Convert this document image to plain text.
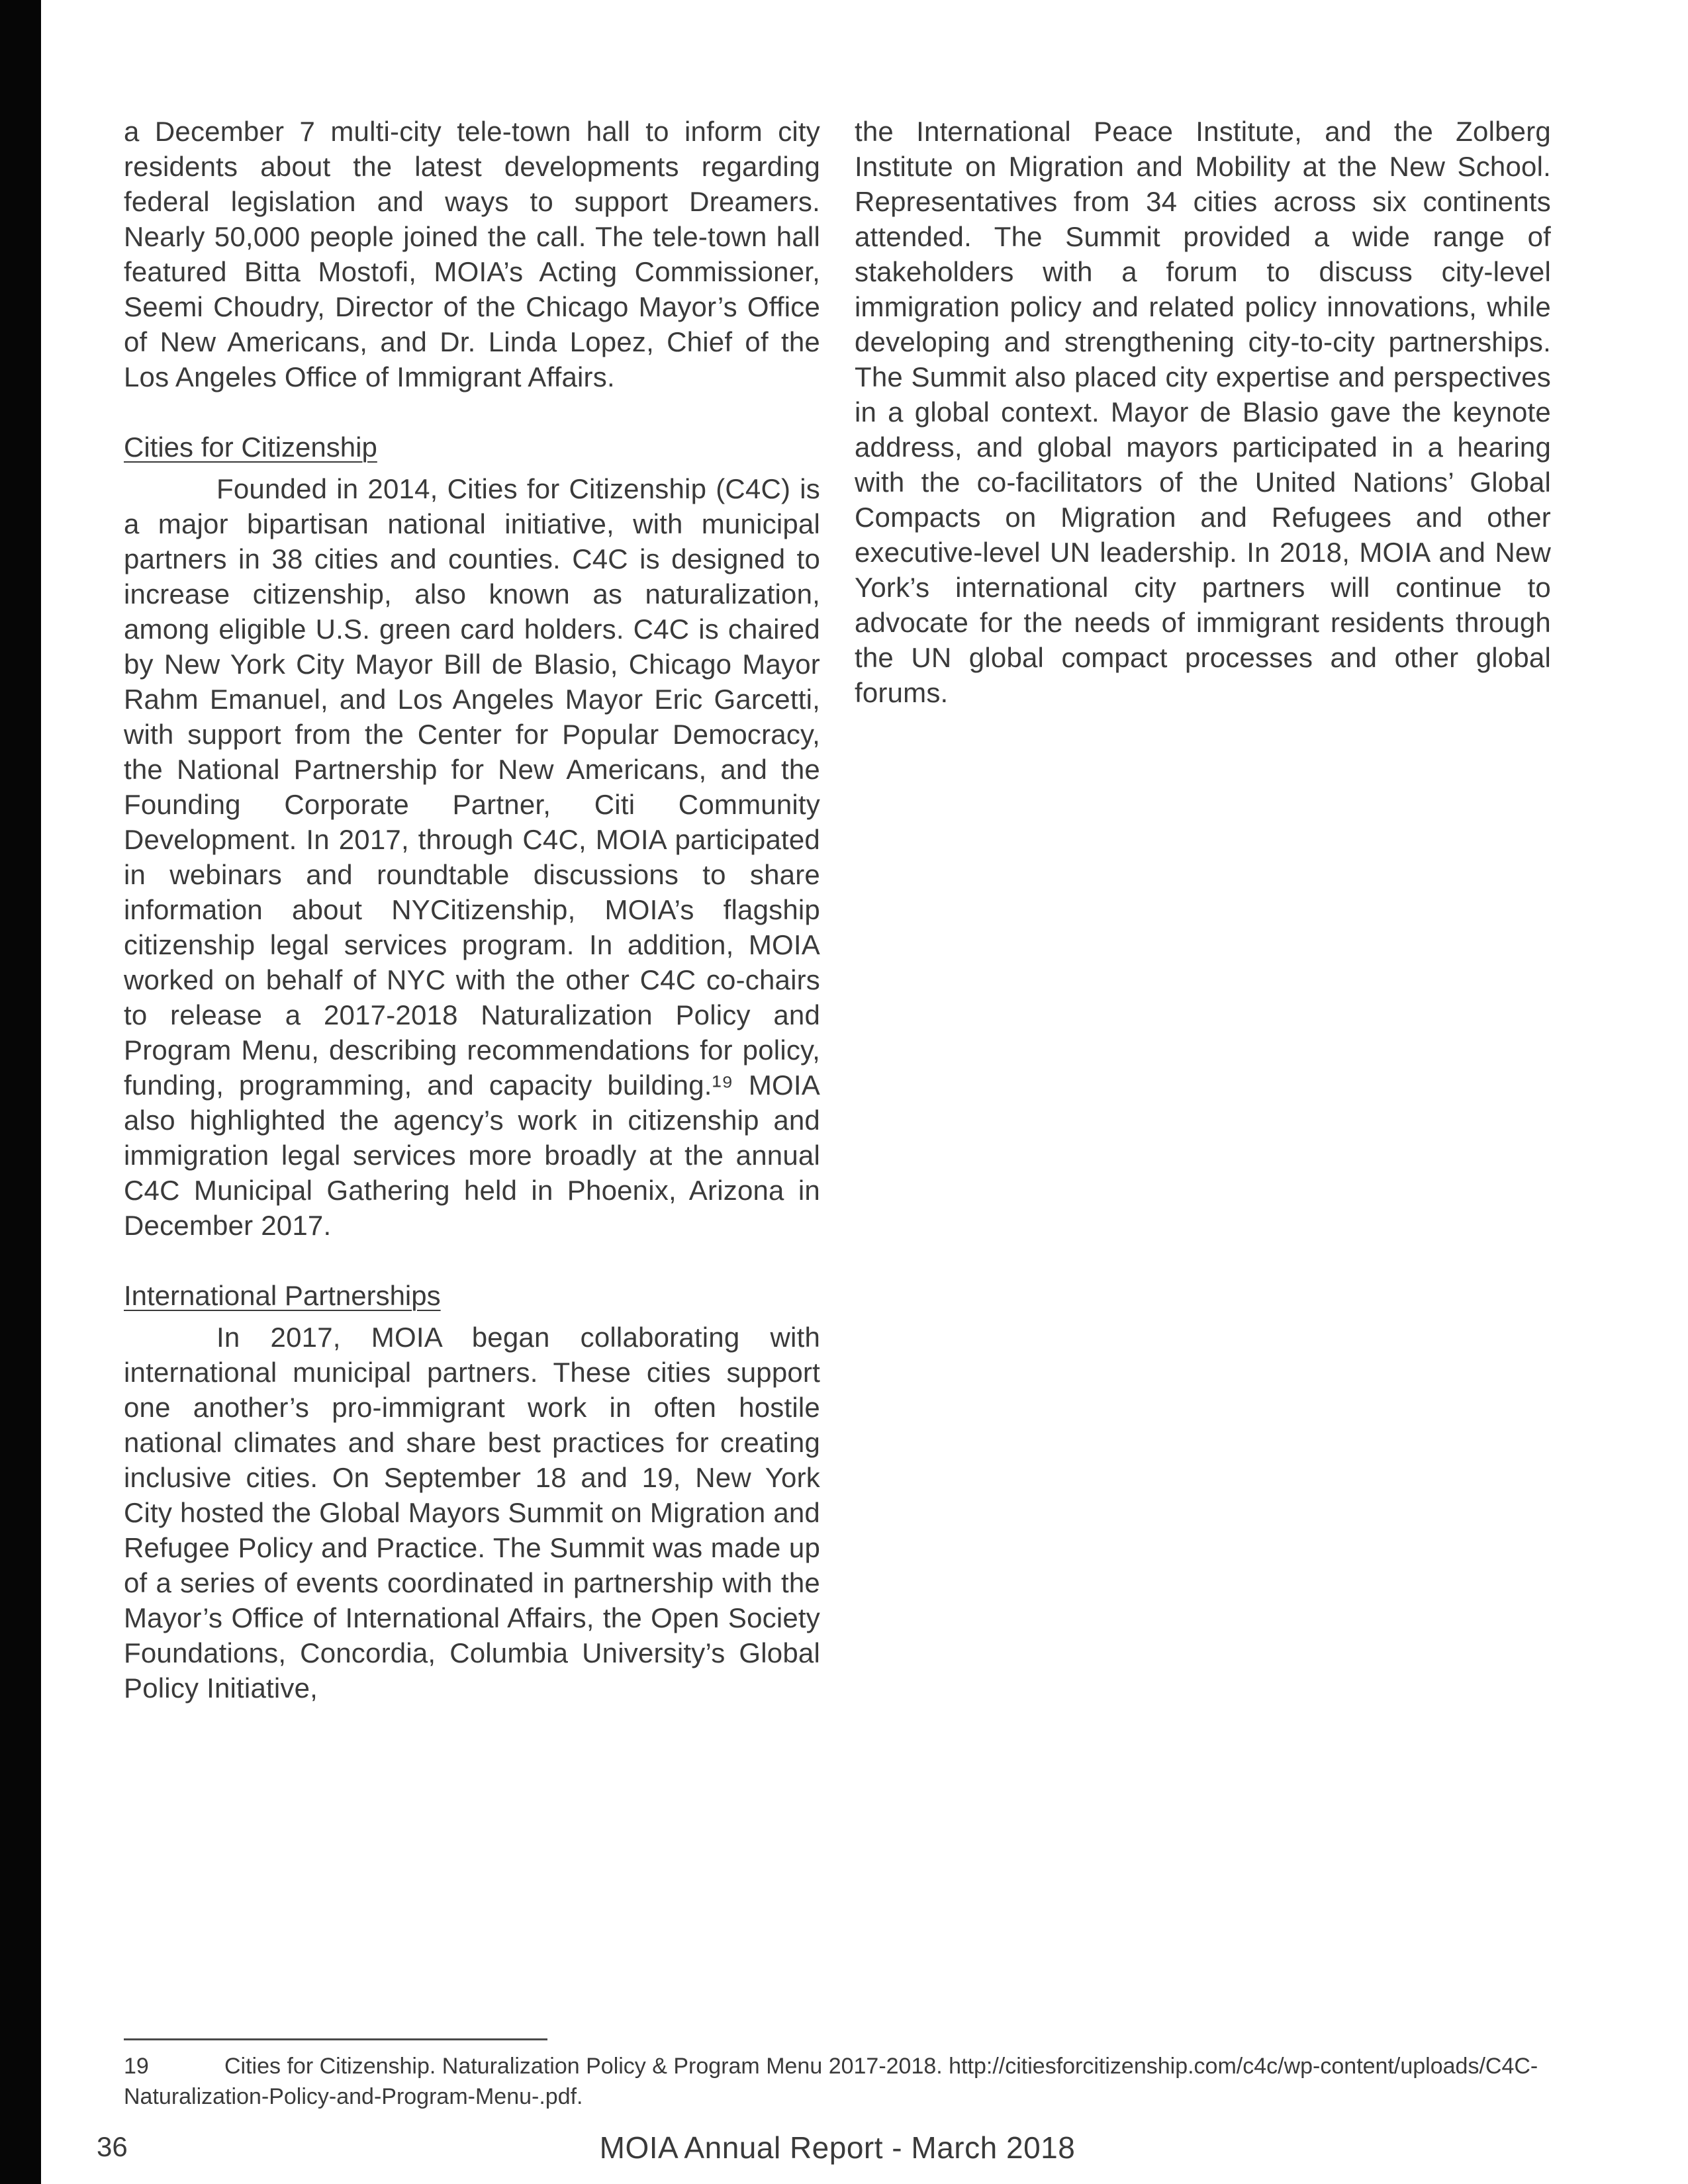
a December 7 multi-city tele-town hall to inform city residents about the latest developments regarding federal legislation and ways to support Dreamers. Nearly 50,000 people joined the call. The tele-town hall featured Bitta Mostofi, MOIA’s Acting Commissioner, Seemi Choudry, Director of the Chicago Mayor’s Office of New Americans, and Dr. Linda Lopez, Chief of the Los Angeles Office of Immigrant Affairs.

Cities for Citizenship

Founded in 2014, Cities for Citizenship (C4C) is a major bipartisan national initiative, with municipal partners in 38 cities and counties. C4C is designed to increase citizenship, also known as naturalization, among eligible U.S. green card holders. C4C is chaired by New York City Mayor Bill de Blasio, Chicago Mayor Rahm Emanuel, and Los Angeles Mayor Eric Garcetti, with support from the Center for Popular Democracy, the National Partnership for New Americans, and the Founding Corporate Partner, Citi Community Development. In 2017, through C4C, MOIA participated in webinars and roundtable discussions to share information about NYCitizenship, MOIA’s flagship citizenship legal services program. In addition, MOIA worked on behalf of NYC with the other C4C co-chairs to release a 2017-2018 Naturalization Policy and Program Menu, describing recommendations for policy, funding, programming, and capacity building.¹⁹ MOIA also highlighted the agency’s work in citizenship and immigration legal services more broadly at the annual C4C Municipal Gathering held in Phoenix, Arizona in December 2017.

International Partnerships

In 2017, MOIA began collaborating with international municipal partners. These cities support one another’s pro-immigrant work in often hostile national climates and share best practices for creating inclusive cities. On September 18 and 19, New York City hosted the Global Mayors Summit on Migration and Refugee Policy and Practice. The Summit was made up of a series of events coordinated in partnership with the Mayor’s Office of International Affairs, the Open Society Foundations, Concordia, Columbia University’s Global Policy Initiative,

the International Peace Institute, and the Zolberg Institute on Migration and Mobility at the New School. Representatives from 34 cities across six continents attended. The Summit provided a wide range of stakeholders with a forum to discuss city-level immigration policy and related policy innovations, while developing and strengthening city-to-city partnerships. The Summit also placed city expertise and perspectives in a global context. Mayor de Blasio gave the keynote address, and global mayors participated in a hearing with the co-facilitators of the United Nations’ Global Compacts on Migration and Refugees and other executive-level UN leadership. In 2018, MOIA and New York’s international city partners will continue to advocate for the needs of immigrant residents through the UN global compact processes and other global forums.

19	Cities for Citizenship. Naturalization Policy & Program Menu 2017-2018. http://citiesforcitizenship.com/c4c/wp-content/uploads/C4C-Naturalization-Policy-and-Program-Menu-.pdf.

36	MOIA Annual Report - March 2018
